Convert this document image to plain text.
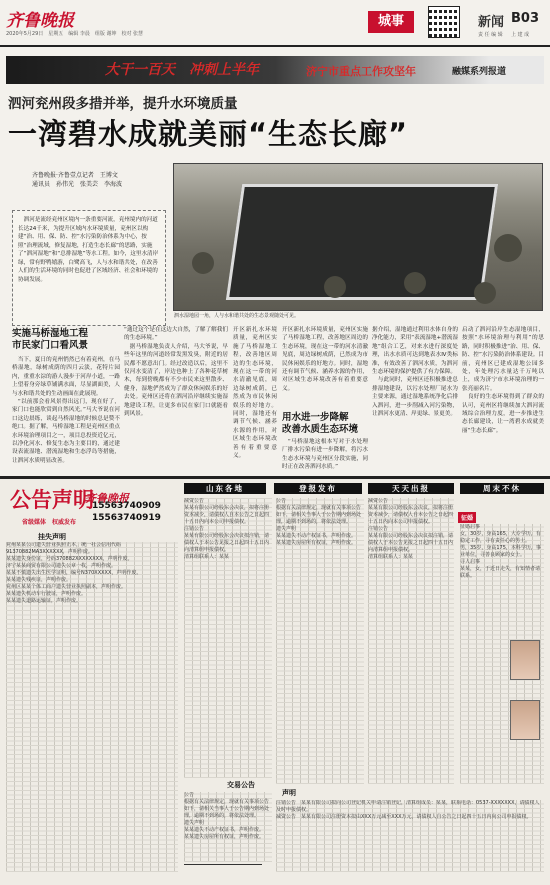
齐鲁晚报
2020年5月29日　星期五　编辑 李晨　组版 谢坤　校对 张慧
城事	新闻 B03
责 任 编 辑 　 上 建 成
大干一百天　冲刺上半年	济宁市重点工作攻坚年	融媒系列报道
泗河兖州段多措并举，提升水环境质量
一湾碧水成就美丽“生态长廊”
齐鲁晚报·齐鲁壹点记者　王博文
通讯员　孙伟光　张美芸　李海波
　泗河是流经兖州区境内一条重要河流，兖州境内的河道长达24千米，为提升区域内水环境质量，兖州区以构建“治、用、保、防、控”水污染防治体系为中心，按照“治理流域，修复湿地，打造生态长廊”的思路，实施了“泗河湿地”和“总排湿地”等水工程。如今，这里水清岸绿，常有野鸭嬉游，白鹭高飞，人与水和谐共处，在改善人们的生活环境的同时也促进了区域经济、社会和环境的协调发展。
泗水湿地园一角，人与水和谐共处的生态景观随处可见。
实施马桥湿地工程
市民家门口看风景
　当下，夏日的兖州悄然已有着兖州，在马桥湿地，绿树成荫的四月云淡，花特片园内，重重水淙的游人漫步于河岸小道，一路上望着身旁绿草铺满水面，尽显湖面美，人与水和谐共处的生动画面在此展现。
　“以前那会看风景得出远门，现在好了，家门口也能欣赏到自然风光。”马大爷说在河口这边晨练，谈起马桥湿地的时候总是赞不绝口。据了解，马桥湿地工程是兖州区重点水环境治理项目之一，项目总投资近亿元，以净化河水、修复生态为主要目的，通过建设表流湿地、潜流湿地和生态浮岛等措施，让泗河水质明显改善。
“通过这个是在这边大自然，了解了解我们的生态环境。”
　据马桥湿地负责人介绍，马大爷说，早些年这里的河道经常发黑发臭，附近的居民都不愿意出门。经过改造以后，这里不仅河水变清了，岸边也种上了各种花草树木，每到傍晚都有不少市民来这里散步、健身，湿地俨然成为了群众休闲娱乐的好去处。兖州区还将在泗河沿岸继续实施湿地建设工程，让更多市民在家门口就能看到风景。
开区新扎水环境质量，兖州区实施了马桥湿地工程，改善地区周边的生态环境，现在这一带的河水清澈见底，周边绿树成荫，已然成为市民休闲娱乐的好地方。同时，湿地还有调节气候、涵养水源的作用，对区域生态环境改善有着重要意义。
开区新扎水环境质量，兖州区实施了马桥湿地工程，改善地区周边的生态环境，现在这一带的河水清澈见底，周边绿树成荫，已然成为市民休闲娱乐的好地方。同时，湿地还有调节气候、涵养水源的作用，对区域生态环境改善有着重要意义。
用水进一步降解
改善水质生态环境
　“马桥湿地这根本写对于水处理厂排水污染有进一步降解，将污水生态水环境与兖州区分段实施，同时正在改善泗河水质。”
据介绍，湿地通过利用水体自身的净化能力，采用“表流湿地+潜流湿地”组合工艺，对来水进行深度处理，出水水质可达到地表水Ⅳ类标准，有效改善了泗河水质，为泗河生态环境的保护提供了有力保障。
　与此同时，兖州区还积极推进总排湿地建设，以污水处理厂尾水为主要来源，通过湿地系统净化后排入泗河，进一步削减入河污染物，让泗河水更清、岸更绿、景更美。
启动了泗河沿岸生态湿地项目，按照“水环境治理与利用”的思路，同时积极推进“治、用、保、防、控”水污染防治体系建设。目前，兖州区已建成湿地公园多处，年处理污水量达千万吨以上，成为济宁市水环境治理的一张亮丽名片。
　良好的生态环境得到了群众的认可，兖州区将继续加大泗河流域综合治理力度，进一步推进生态长廊建设，让一湾碧水成就美丽“生态长廊”。
公告声明
齐鲁晚报
省级媒体　权威发布
15563740909
15563740919
挂失声明
山东各地	登报发布	天天出报	周末不休
兖州某某公司遗失营业执照正本，统一社会信用代码91370882MA3XXXXXX，声明作废。
某某遗失身份证，号码370882XXXXXXXX，声明作废。
济宁某某商贸有限公司遗失公章一枚，声明作废。
某某不慎遗失出生医学证明，编号N370XXXXX，声明作废。
某某遗失残疾证，声明作废。
兖州区某某个体工商户遗失营业执照副本，声明作废。
某某遗失机动车行驶证，声明作废。
某某遗失道路运输证，声明作废。
减资公告
某某有限公司经股东会决议，拟将注册资本减少，请债权人自本公告之日起四十五日内向本公司申报债权。
注销公告
某某有限公司经股东会决议拟注销，请债权人于本公告见报之日起四十五日内向清算组申报债权。
清算组联系人：某某
公告
根据有关法律规定，现就有关事项公告如下，请相关当事人于公告期内到场处理，逾期不到场的，将依法处理。
遗失声明
某某遗失不动产权证书，声明作废。
某某遗失房屋所有权证，声明作废。
减资公告
某某有限公司经股东会决议，拟将注册资本减少，请债权人自本公告之日起四十五日内向本公司申报债权。
注销公告
某某有限公司经股东会决议拟注销，请债权人于本公告见报之日起四十五日内向清算组申报债权。
清算组联系人：某某
征婚启事
女，30岁，身高165，大专学历，有稳定工作，寻有责任心的男士。
男，35岁，身高175，本科学历，事业单位，寻善良顾家的女士。
寻人启事
某某，女，于近日走失，有知情者请联系。
征婚
交易公告
声明
公告
根据有关法律规定，现就有关事项公告如下，请相关当事人于公告期内到场处理，逾期不到场的，将依法处理。
遗失声明
某某遗失不动产权证书，声明作废。
某某遗失房屋所有权证，声明作废。
注销公告　某某有限公司拟向公司登记机关申请注销登记，清算组成员：某某，联系电话：0537-XXXXXXX，请债权人及时申报债权。
减资公告　某某有限公司注册资本拟由XXX万元减至XXX万元，请债权人自公告之日起四十五日内向公司申报债权。
